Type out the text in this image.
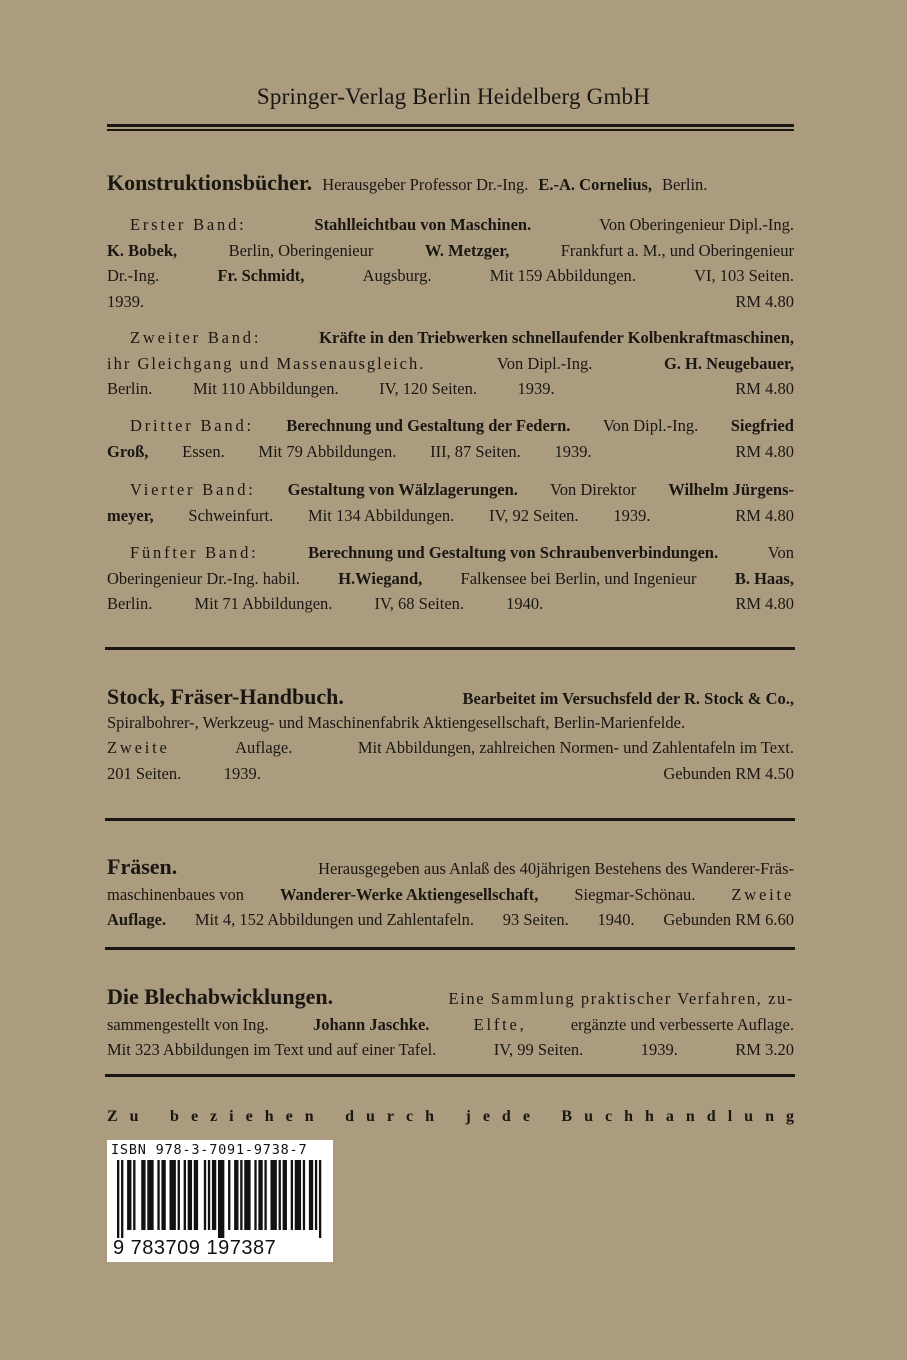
Springer-Verlag Berlin Heidelberg GmbH
Konstruktionsbücher. Herausgeber Professor Dr.-Ing. E.-A. Cornelius, Berlin.
Erster Band:	Stahlleichtbau von Maschinen.	Von Oberingenieur Dipl.-Ing.
K. Bobek,	Berlin, Oberingenieur	W. Metzger,	Frankfurt a. M., und Oberingenieur
Dr.-Ing.	Fr. Schmidt,	Augsburg.	Mit 159 Abbildungen.	VI, 103 Seiten.
1939.	RM 4.80
Zweiter Band:	Kräfte in den Triebwerken schnellaufender Kolbenkraftmaschinen,
ihr Gleichgang und Massenausgleich.	Von Dipl.-Ing.	G. H. Neugebauer,
Berlin. Mit 110 Abbildungen. IV, 120 Seiten. 1939.	RM 4.80
Dritter Band: Berechnung und Gestaltung der Federn. Von Dipl.-Ing. Siegfried
Groß, Essen. Mit 79 Abbildungen. III, 87 Seiten. 1939.	RM 4.80
Vierter Band: Gestaltung von Wälzlagerungen. Von Direktor Wilhelm Jürgens-
meyer, Schweinfurt. Mit 134 Abbildungen. IV, 92 Seiten. 1939.	RM 4.80
Fünfter Band:	Berechnung und Gestaltung von Schraubenverbindungen.	Von
Oberingenieur Dr.-Ing. habil. H.Wiegand, Falkensee bei Berlin, und Ingenieur B. Haas,
Berlin.	Mit 71 Abbildungen.	IV, 68 Seiten.	1940.	RM 4.80
Stock, Fräser-Handbuch.	Bearbeitet im Versuchsfeld der R. Stock & Co.,
Spiralbohrer-, Werkzeug- und Maschinenfabrik Aktiengesellschaft, Berlin-Marienfelde.
Zweite	Auflage.	Mit Abbildungen, zahlreichen Normen- und Zahlentafeln im Text.
201 Seiten.	1939.	Gebunden RM 4.50
Fräsen.	Herausgegeben aus Anlaß des 40jährigen Bestehens des Wanderer-Fräs-
maschinenbaues von Wanderer-Werke Aktiengesellschaft, Siegmar-Schönau. Zweite
Auflage. Mit 4, 152 Abbildungen und Zahlentafeln. 93 Seiten. 1940. Gebunden RM 6.60
Die Blechabwicklungen.	Eine Sammlung praktischer Verfahren, zu-
sammengestellt von Ing.	Johann Jaschke.	Elfte,	ergänzte und verbesserte Auflage.
Mit 323 Abbildungen im Text und auf einer Tafel.	IV, 99 Seiten.	1939.	RM 3.20
Z u b e z i e h e n d u r c h j e d e B u c h h a n d l u n g
ISBN 978-3-7091-9738-7
9 783709 197387
